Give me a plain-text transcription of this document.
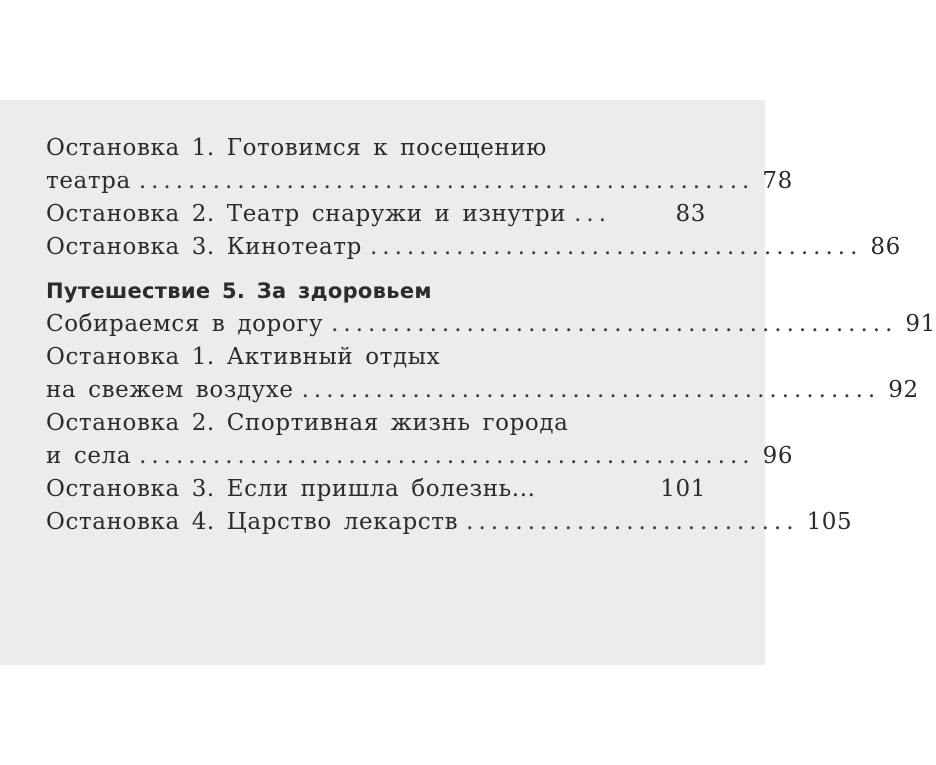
Остановка 1. Готовимся к посещению
театра .................................................. 78
Остановка 2. Театр снаружи и изнутри ...	83
Остановка 3. Кинотеатр ........................................ 86
Путешествие 5. За здоровьем
Собираемся в дорогу .............................................. 91
Остановка 1. Активный отдых
на свежем воздухе ............................................... 92
Остановка 2. Спортивная жизнь города
и села .................................................. 96
Остановка 3. Если пришла болезнь...	101
Остановка 4. Царство лекарств ........................... 105
